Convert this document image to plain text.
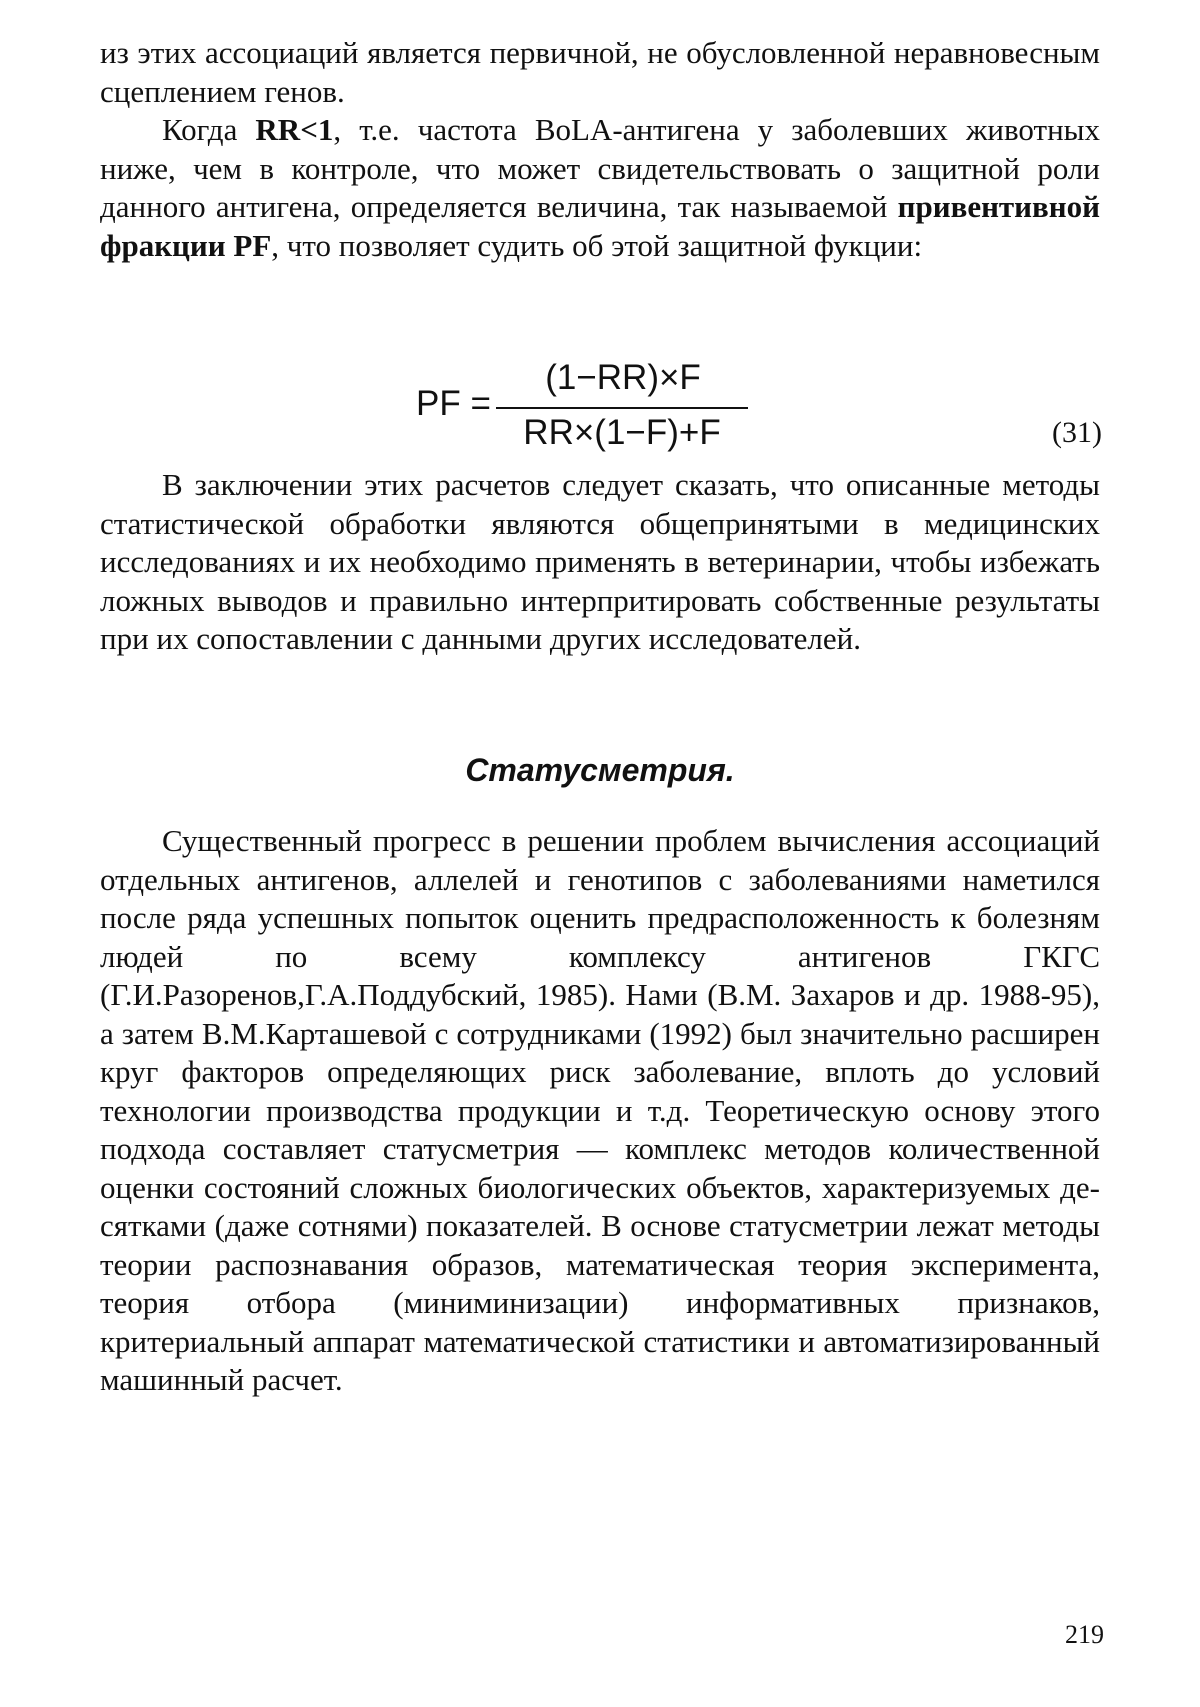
из этих ассоциаций является первичной, не обусловленной неравновесным сцеплением генов.

Когда RR<1, т.е. частота BoLA-антигена у заболевших животных ниже, чем в контроле, что может свидетельствовать о защитной роли данного антигена, определяется величина, так называемой привентивной фракции PF, что позволяет судить об этой защитной фукции:

PF =
(1−RR)×F
RR×(1−F)+F	(31)

В заключении этих расчетов следует сказать, что описанные методы статистической обработки являются общепринятыми в медицинских исследованиях и их необходимо применять в ветеринарии, чтобы избежать ложных выводов и правильно интерпритировать собственные результаты при их сопоставлении с данными других исследователей.

Статусметрия.

Существенный прогресс в решении проблем вычисления ассоциаций отдельных антигенов, аллелей и генотипов с заболеваниями наметился после ряда успешных попыток оценить предрасположенность к болезням людей по всему комплексу антигенов ГКГС (Г.И.Разоренов,Г.А.Поддубский, 1985). Нами (В.М. Захаров и др. 1988-95), а затем В.М.Карташевой с сотрудниками (1992) был значительно расширен круг факторов определяющих риск заболевание, вплоть до условий технологии производства продукции и т.д. Теоретическую основу этого подхода составляет статусметрия — комплекс методов количественной оценки состояний сложных биологических объектов, характеризуемых десятками (даже сотнями) показателей. В основе статусметрии лежат методы теории распознавания образов, математическая теория эксперимента, теория отбора (миниминизации) информативных признаков, критериальный аппарат математической статистики и автоматизированный машинный расчет.

219
